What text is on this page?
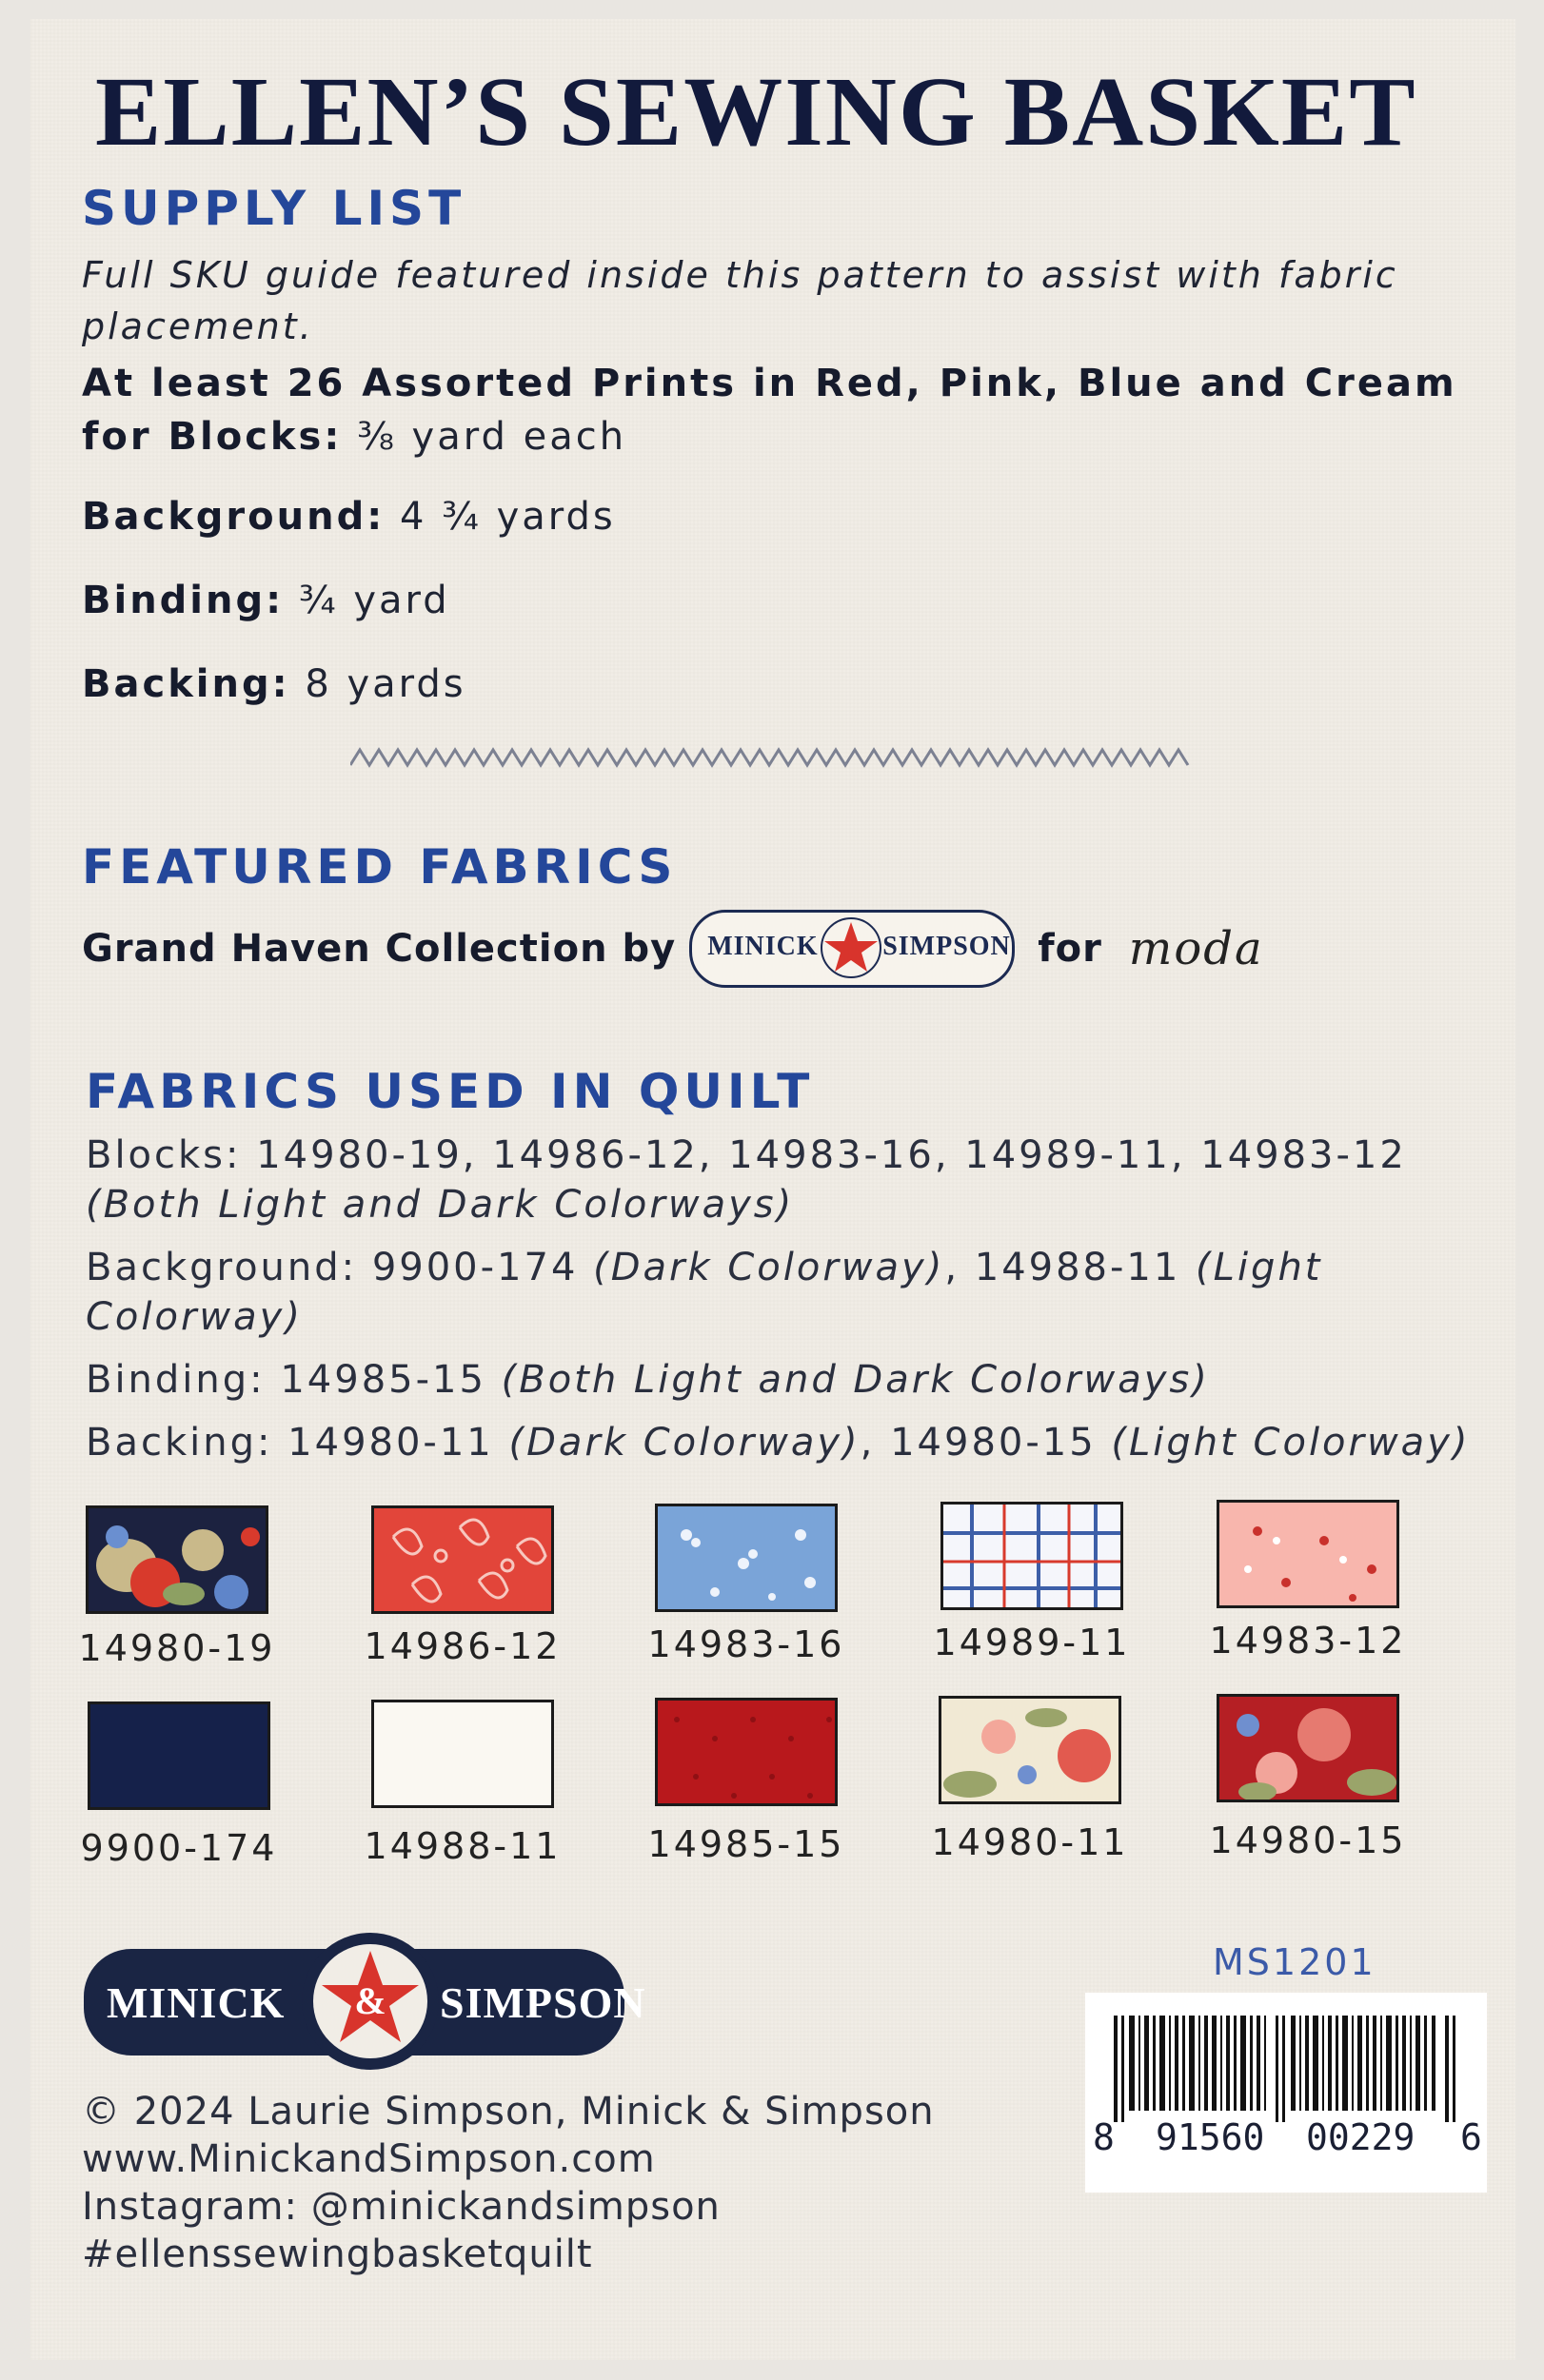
ELLEN’S SEWING BASKET
SUPPLY LIST
Full SKU guide featured inside this pattern to assist with fabric placement.
At least 26 Assorted Prints in Red, Pink, Blue and Cream for Blocks: ⅜ yard each
Background: 4 ¾ yards
Binding: ¾ yard
Backing: 8 yards
FEATURED FABRICS
Grand Haven Collection by MINICK SIMPSON for moda
FABRICS USED IN QUILT
Blocks: 14980-19, 14986-12, 14983-16, 14989-11, 14983-12 (Both Light and Dark Colorways)
Background: 9900-174 (Dark Colorway), 14988-11 (Light Colorway)
Binding: 14985-15 (Both Light and Dark Colorways)
Backing: 14980-11 (Dark Colorway), 14980-15 (Light Colorway)
14980-19	14986-12	14983-16	14989-11	14983-12
9900-174	14988-11	14985-15	14980-11	14980-15
MINICK & SIMPSON
MS1201
8 91560 00229 6
© 2024 Laurie Simpson, Minick & Simpson
www.MinickandSimpson.com
Instagram: @minickandsimpson
#ellenssewingbasketquilt
